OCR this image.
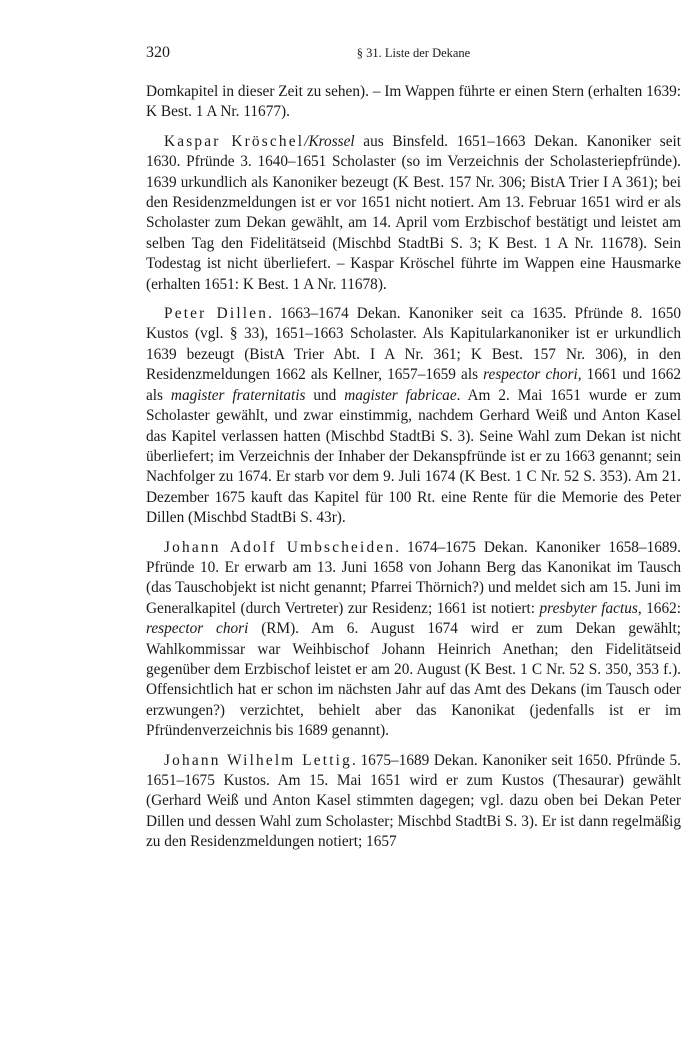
320	§ 31. Liste der Dekane

Domkapitel in dieser Zeit zu sehen). – Im Wappen führte er einen Stern (erhalten 1639: K Best. 1 A Nr. 11677).

Kaspar Kröschel/Krossel aus Binsfeld. 1651–1663 Dekan. Kanoniker seit 1630. Pfründe 3. 1640–1651 Scholaster (so im Verzeichnis der Scholasteriepfründe). 1639 urkundlich als Kanoniker bezeugt (K Best. 157 Nr. 306; BistA Trier I A 361); bei den Residenzmeldungen ist er vor 1651 nicht notiert. Am 13. Februar 1651 wird er als Scholaster zum Dekan gewählt, am 14. April vom Erzbischof bestätigt und leistet am selben Tag den Fidelitätseid (Mischbd StadtBi S. 3; K Best. 1 A Nr. 11678). Sein Todestag ist nicht überliefert. – Kaspar Kröschel führte im Wappen eine Hausmarke (erhalten 1651: K Best. 1 A Nr. 11678).

Peter Dillen. 1663–1674 Dekan. Kanoniker seit ca 1635. Pfründe 8. 1650 Kustos (vgl. § 33), 1651–1663 Scholaster. Als Kapitularkanoniker ist er urkundlich 1639 bezeugt (BistA Trier Abt. I A Nr. 361; K Best. 157 Nr. 306), in den Residenzmeldungen 1662 als Kellner, 1657–1659 als respector chori, 1661 und 1662 als magister fraternitatis und magister fabricae. Am 2. Mai 1651 wurde er zum Scholaster gewählt, und zwar einstimmig, nachdem Gerhard Weiß und Anton Kasel das Kapitel verlassen hatten (Mischbd StadtBi S. 3). Seine Wahl zum Dekan ist nicht überliefert; im Verzeichnis der Inhaber der Dekanspfründe ist er zu 1663 genannt; sein Nachfolger zu 1674. Er starb vor dem 9. Juli 1674 (K Best. 1 C Nr. 52 S. 353). Am 21. Dezember 1675 kauft das Kapitel für 100 Rt. eine Rente für die Memorie des Peter Dillen (Mischbd StadtBi S. 43r).

Johann Adolf Umbscheiden. 1674–1675 Dekan. Kanoniker 1658–1689. Pfründe 10. Er erwarb am 13. Juni 1658 von Johann Berg das Kanonikat im Tausch (das Tauschobjekt ist nicht genannt; Pfarrei Thörnich?) und meldet sich am 15. Juni im Generalkapitel (durch Vertreter) zur Residenz; 1661 ist notiert: presbyter factus, 1662: respector chori (RM). Am 6. August 1674 wird er zum Dekan gewählt; Wahlkommissar war Weihbischof Johann Heinrich Anethan; den Fidelitätseid gegenüber dem Erzbischof leistet er am 20. August (K Best. 1 C Nr. 52 S. 350, 353 f.). Offensichtlich hat er schon im nächsten Jahr auf das Amt des Dekans (im Tausch oder erzwungen?) verzichtet, behielt aber das Kanonikat (jedenfalls ist er im Pfründenverzeichnis bis 1689 genannt).

Johann Wilhelm Lettig. 1675–1689 Dekan. Kanoniker seit 1650. Pfründe 5. 1651–1675 Kustos. Am 15. Mai 1651 wird er zum Kustos (Thesaurar) gewählt (Gerhard Weiß und Anton Kasel stimmten dagegen; vgl. dazu oben bei Dekan Peter Dillen und dessen Wahl zum Scholaster; Mischbd StadtBi S. 3). Er ist dann regelmäßig zu den Residenzmeldungen notiert; 1657
